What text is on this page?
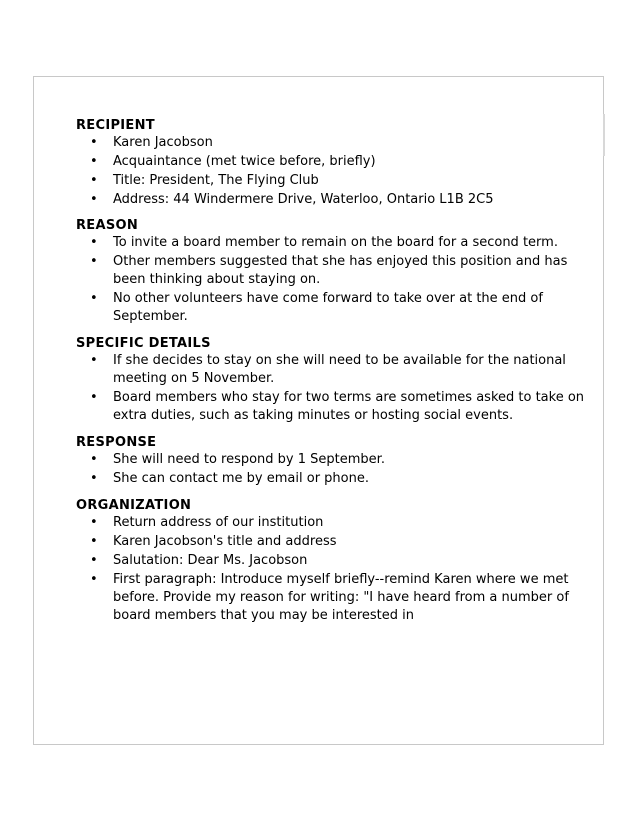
RECIPIENT
• Karen Jacobson
• Acquaintance (met twice before, briefly)
• Title: President, The Flying Club
• Address: 44 Windermere Drive, Waterloo, Ontario L1B 2C5
REASON
• To invite a board member to remain on the board for a second term.
• Other members suggested that she has enjoyed this position and has been thinking about staying on.
• No other volunteers have come forward to take over at the end of September.
SPECIFIC DETAILS
• If she decides to stay on she will need to be available for the national meeting on 5 November.
• Board members who stay for two terms are sometimes asked to take on extra duties, such as taking minutes or hosting social events.
RESPONSE
• She will need to respond by 1 September.
• She can contact me by email or phone.
ORGANIZATION
• Return address of our institution
• Karen Jacobson's title and address
• Salutation: Dear Ms. Jacobson
• First paragraph: Introduce myself briefly--remind Karen where we met before. Provide my reason for writing: "I have heard from a number of board members that you may be interested in
